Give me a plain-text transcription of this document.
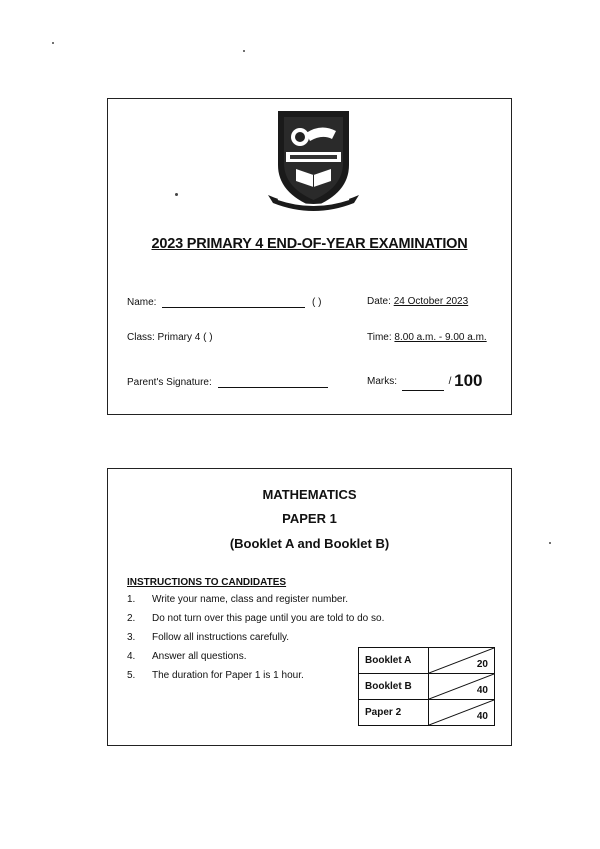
2023 PRIMARY 4 END-OF-YEAR EXAMINATION
Name:	( )	Date: 24 October 2023
Class: Primary 4 ( )	Time: 8.00 a.m. - 9.00 a.m.
Parent's Signature:	Marks:	/ 100
MATHEMATICS
PAPER 1
(Booklet A and Booklet B)
INSTRUCTIONS TO CANDIDATES
1.	Write your name, class and register number.
2.	Do not turn over this page until you are told to do so.
3.	Follow all instructions carefully.
4.	Answer all questions.
5.	The duration for Paper 1 is 1 hour.
Booklet A	20

Booklet B	40

Paper 2	40
